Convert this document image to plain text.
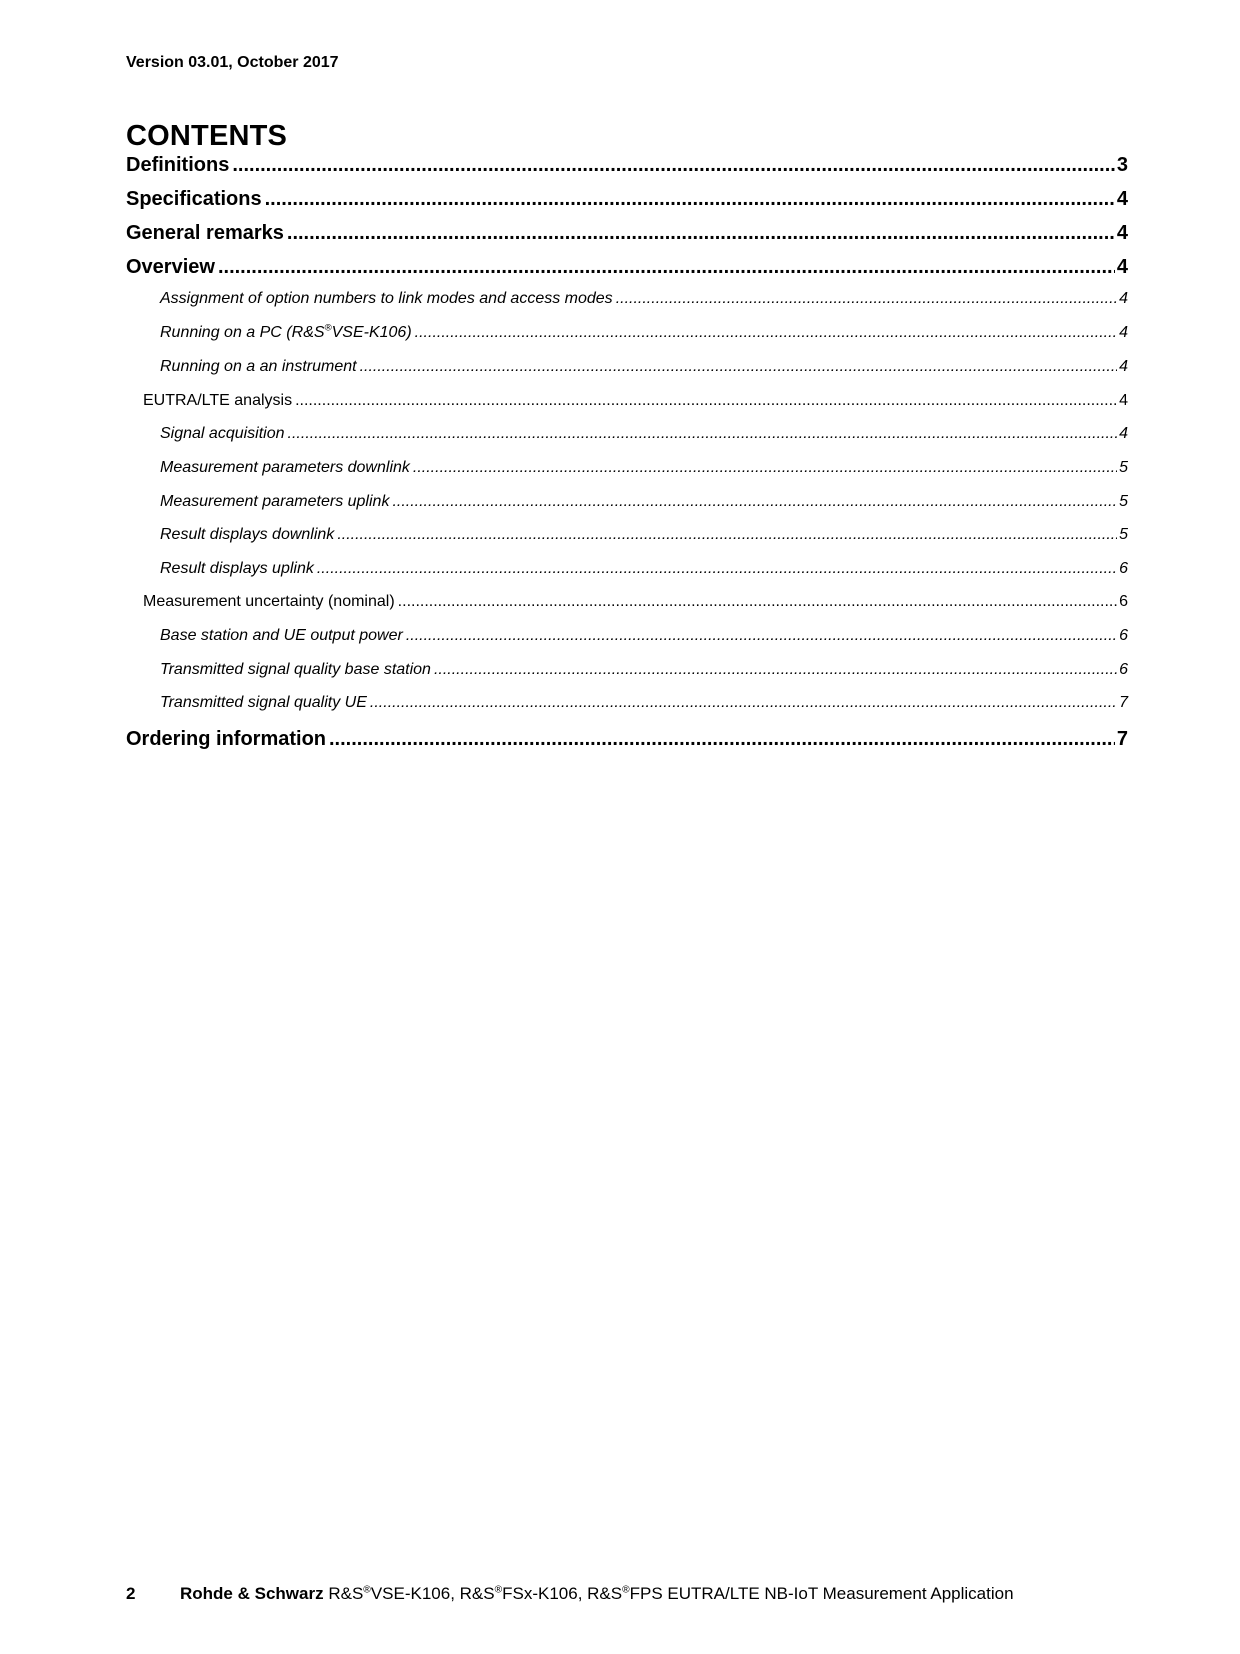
Version 03.01, October 2017
CONTENTS
Definitions .....	3
Specifications .....	4
General remarks .....	4
Overview .....	4
Assignment of option numbers to link modes and access modes .....	4
Running on a PC (R&S®VSE-K106) .....	4
Running on a an instrument .....	4
EUTRA/LTE analysis .....	4
Signal acquisition .....	4
Measurement parameters downlink .....	5
Measurement parameters uplink .....	5
Result displays downlink .....	5
Result displays uplink .....	6
Measurement uncertainty (nominal) .....	6
Base station and UE output power .....	6
Transmitted signal quality base station .....	6
Transmitted signal quality UE .....	7
Ordering information .....	7
2	Rohde & Schwarz R&S®VSE-K106, R&S®FSx-K106, R&S®FPS EUTRA/LTE NB-IoT Measurement Application
